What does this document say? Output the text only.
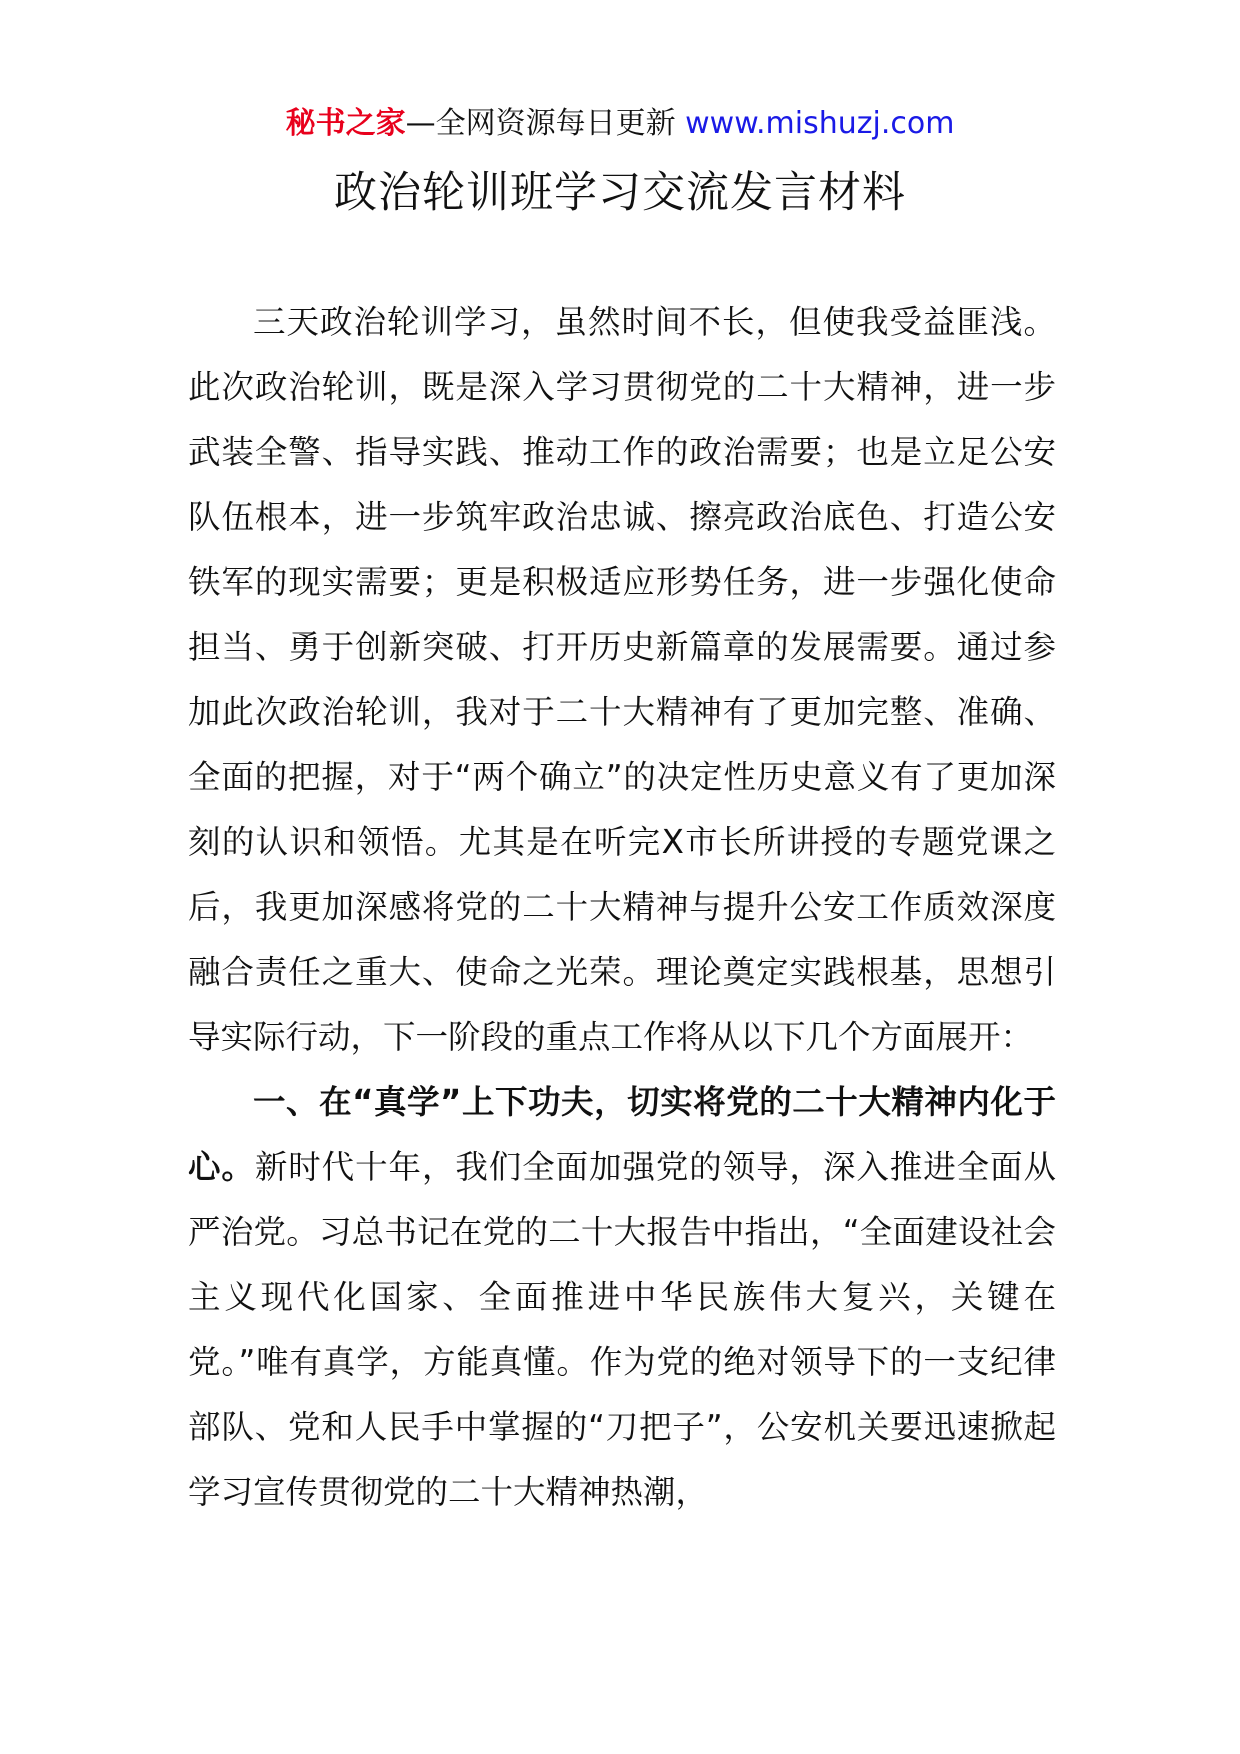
秘书之家—全网资源每日更新 www.mishuzj.com
政治轮训班学习交流发言材料

三天政治轮训学习，虽然时间不长，但使我受益匪浅。此次政治轮训，既是深入学习贯彻党的二十大精神，进一步武装全警、指导实践、推动工作的政治需要；也是立足公安队伍根本，进一步筑牢政治忠诚、擦亮政治底色、打造公安铁军的现实需要；更是积极适应形势任务，进一步强化使命担当、勇于创新突破、打开历史新篇章的发展需要。通过参加此次政治轮训，我对于二十大精神有了更加完整、准确、全面的把握，对于“两个确立”的决定性历史意义有了更加深刻的认识和领悟。尤其是在听完X市长所讲授的专题党课之后，我更加深感将党的二十大精神与提升公安工作质效深度融合责任之重大、使命之光荣。理论奠定实践根基，思想引导实际行动，下一阶段的重点工作将从以下几个方面展开：

一、在“真学”上下功夫，切实将党的二十大精神内化于心。新时代十年，我们全面加强党的领导，深入推进全面从严治党。习总书记在党的二十大报告中指出，“全面建设社会主义现代化国家、全面推进中华民族伟大复兴，关键在党。”唯有真学，方能真懂。作为党的绝对领导下的一支纪律部队、党和人民手中掌握的“刀把子”，公安机关要迅速掀起学习宣传贯彻党的二十大精神热潮，
